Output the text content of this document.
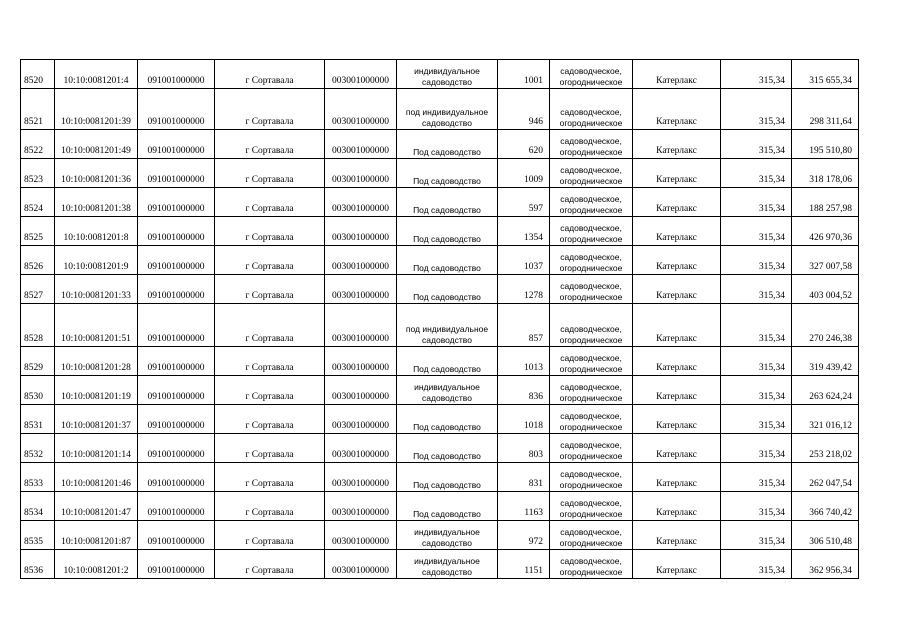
8520	10:10:0081201:4	091001000000	г Сортавала	003001000000	индивидуальное
садоводство	1001	садоводческое,
огородническое	Катерлакс	315,34	315 655,34
8521	10:10:0081201:39	091001000000	г Сортавала	003001000000	под индивидуальное
садоводство	946	садоводческое,
огородническое	Катерлакс	315,34	298 311,64
8522	10:10:0081201:49	091001000000	г Сортавала	003001000000	Под садоводство	620	садоводческое,
огородническое	Катерлакс	315,34	195 510,80
8523	10:10:0081201:36	091001000000	г Сортавала	003001000000	Под садоводство	1009	садоводческое,
огородническое	Катерлакс	315,34	318 178,06
8524	10:10:0081201:38	091001000000	г Сортавала	003001000000	Под садоводство	597	садоводческое,
огородническое	Катерлакс	315,34	188 257,98
8525	10:10:0081201:8	091001000000	г Сортавала	003001000000	Под садоводство	1354	садоводческое,
огородническое	Катерлакс	315,34	426 970,36
8526	10:10:0081201:9	091001000000	г Сортавала	003001000000	Под садоводство	1037	садоводческое,
огородническое	Катерлакс	315,34	327 007,58
8527	10:10:0081201:33	091001000000	г Сортавала	003001000000	Под садоводство	1278	садоводческое,
огородническое	Катерлакс	315,34	403 004,52
8528	10:10:0081201:51	091001000000	г Сортавала	003001000000	под индивидуальное
садоводство	857	садоводческое,
огородническое	Катерлакс	315,34	270 246,38
8529	10:10:0081201:28	091001000000	г Сортавала	003001000000	Под садоводство	1013	садоводческое,
огородническое	Катерлакс	315,34	319 439,42
8530	10:10:0081201:19	091001000000	г Сортавала	003001000000	индивидуальное
садоводство	836	садоводческое,
огородническое	Катерлакс	315,34	263 624,24
8531	10:10:0081201:37	091001000000	г Сортавала	003001000000	Под садоводство	1018	садоводческое,
огородническое	Катерлакс	315,34	321 016,12
8532	10:10:0081201:14	091001000000	г Сортавала	003001000000	Под садоводство	803	садоводческое,
огородническое	Катерлакс	315,34	253 218,02
8533	10:10:0081201:46	091001000000	г Сортавала	003001000000	Под садоводство	831	садоводческое,
огородническое	Катерлакс	315,34	262 047,54
8534	10:10:0081201:47	091001000000	г Сортавала	003001000000	Под садоводство	1163	садоводческое,
огородническое	Катерлакс	315,34	366 740,42
8535	10:10:0081201:87	091001000000	г Сортавала	003001000000	индивидуальное
садоводство	972	садоводческое,
огородническое	Катерлакс	315,34	306 510,48
8536	10:10:0081201:2	091001000000	г Сортавала	003001000000	индивидуальное
садоводство	1151	садоводческое,
огородническое	Катерлакс	315,34	362 956,34
